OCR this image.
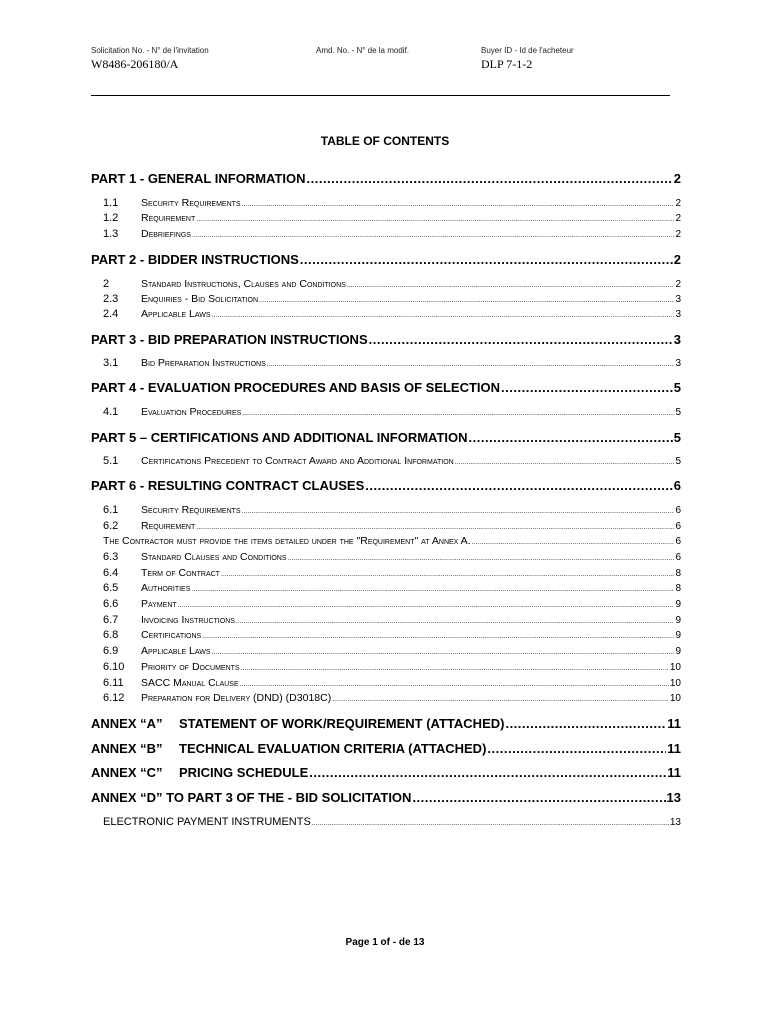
Solicitation No. - N° de l'invitation
W8486-206180/A
Amd. No. - N° de la modif.	Buyer ID - Id de l'acheteur
DLP 7-1-2
TABLE OF CONTENTS
PART 1 - GENERAL INFORMATION .....	2
1.1	Security Requirements .....	2
1.2	Requirement .....	2
1.3	Debriefings .....	2
PART 2 - BIDDER INSTRUCTIONS .....	2
2	Standard Instructions, Clauses and Conditions .....	2
2.3	Enquiries - Bid Solicitation .....	3
2.4	Applicable Laws .....	3
PART 3 - BID PREPARATION INSTRUCTIONS .....	3
3.1	Bid Preparation Instructions .....	3
PART 4 - EVALUATION PROCEDURES AND BASIS OF SELECTION .....	5
4.1	Evaluation Procedures .....	5
PART 5 – CERTIFICATIONS AND ADDITIONAL INFORMATION .....	5
5.1	Certifications Precedent to Contract Award and Additional Information .....	5
PART 6 - RESULTING CONTRACT CLAUSES .....	6
6.1	Security Requirements .....	6
6.2	Requirement .....	6
The Contractor must provide the items detailed under the "Requirement" at Annex A. .....	6
6.3	Standard Clauses and Conditions .....	6
6.4	Term of Contract .....	8
6.5	Authorities .....	8
6.6	Payment .....	9
6.7	Invoicing Instructions .....	9
6.8	Certifications .....	9
6.9	Applicable Laws .....	9
6.10	Priority of Documents .....	10
6.11	SACC Manual Clause .....	10
6.12	Preparation for Delivery (DND) (D3018C) .....	10
ANNEX “A”	STATEMENT OF WORK/REQUIREMENT (ATTACHED) .....	11
ANNEX “B”	TECHNICAL EVALUATION CRITERIA (ATTACHED) .....	11
ANNEX “C”	PRICING SCHEDULE .....	11
ANNEX “D” TO PART 3 OF THE - BID SOLICITATION .....	13
ELECTRONIC PAYMENT INSTRUMENTS .....	13
Page 1 of - de 13
